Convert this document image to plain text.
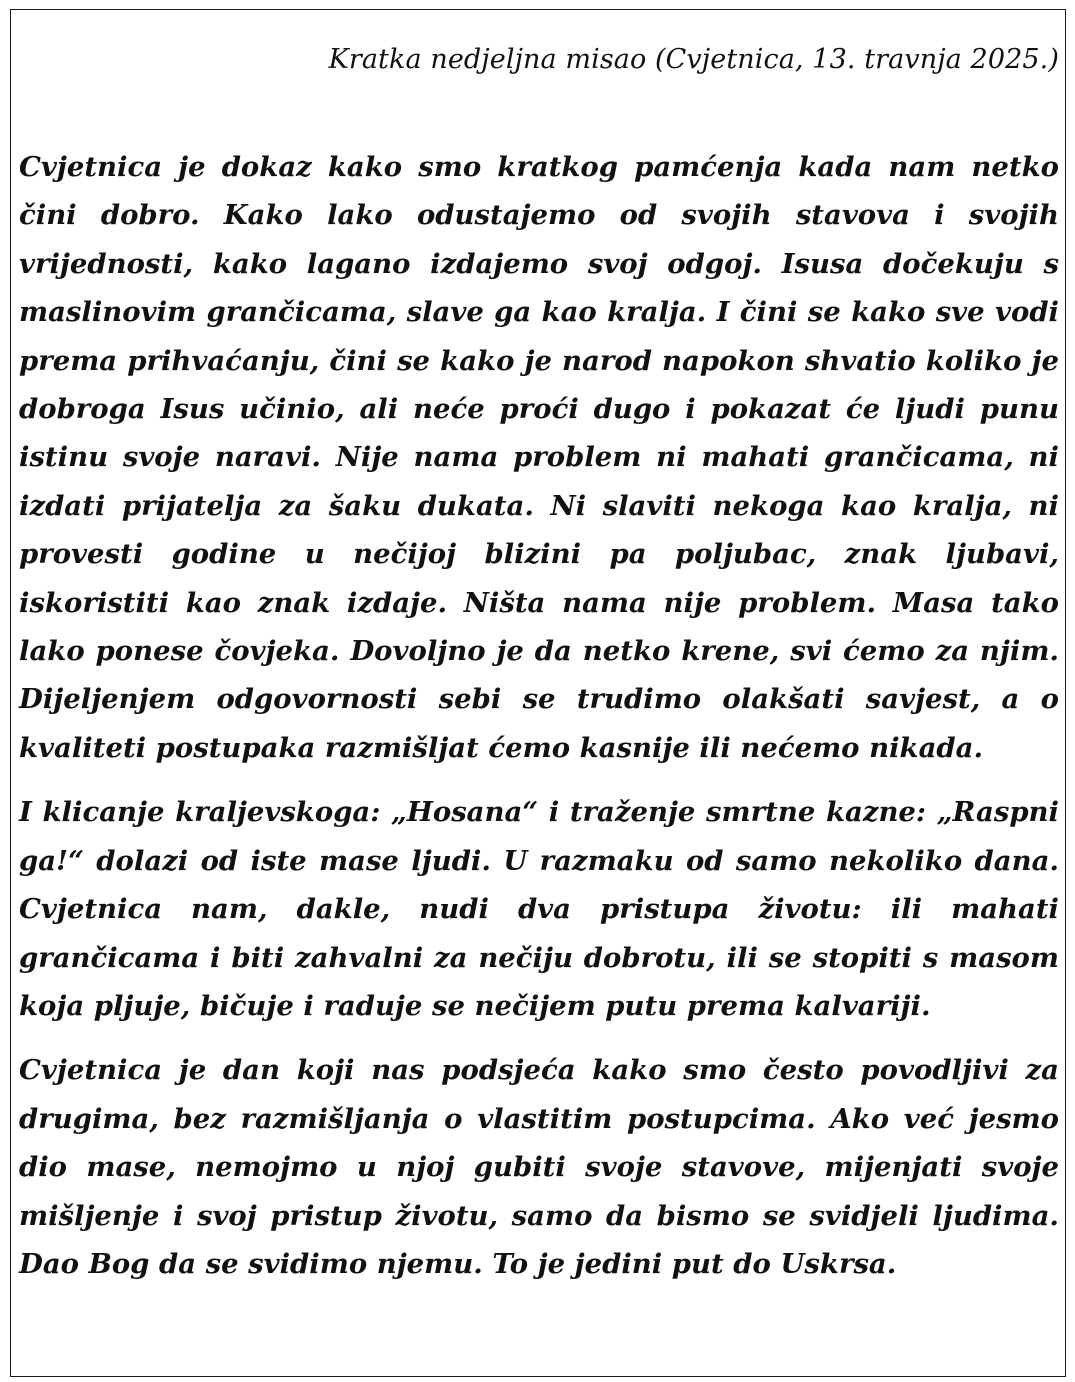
Kratka nedjeljna misao (Cvjetnica, 13. travnja 2025.)

Cvjetnica je dokaz kako smo kratkog pamćenja kada nam netko čini dobro. Kako lako odustajemo od svojih stavova i svojih vrijednosti, kako lagano izdajemo svoj odgoj. Isusa dočekuju s maslinovim grančicama, slave ga kao kralja. I čini se kako sve vodi prema prihvaćanju, čini se kako je narod napokon shvatio koliko je dobroga Isus učinio, ali neće proći dugo i pokazat će ljudi punu istinu svoje naravi. Nije nama problem ni mahati grančicama, ni izdati prijatelja za šaku dukata. Ni slaviti nekoga kao kralja, ni provesti godine u nečijoj blizini pa poljubac, znak ljubavi, iskoristiti kao znak izdaje. Ništa nama nije problem. Masa tako lako ponese čovjeka. Dovoljno je da netko krene, svi ćemo za njim. Dijeljenjem odgovornosti sebi se trudimo olakšati savjest, a o kvaliteti postupaka razmišljat ćemo kasnije ili nećemo nikada.

I klicanje kraljevskoga: „Hosana“ i traženje smrtne kazne: „Raspni ga!“ dolazi od iste mase ljudi. U razmaku od samo nekoliko dana. Cvjetnica nam, dakle, nudi dva pristupa životu: ili mahati grančicama i biti zahvalni za nečiju dobrotu, ili se stopiti s masom koja pljuje, bičuje i raduje se nečijem putu prema kalvariji.

Cvjetnica je dan koji nas podsjeća kako smo često povodljivi za drugima, bez razmišljanja o vlastitim postupcima. Ako već jesmo dio mase, nemojmo u njoj gubiti svoje stavove, mijenjati svoje mišljenje i svoj pristup životu, samo da bismo se svidjeli ljudima. Dao Bog da se svidimo njemu. To je jedini put do Uskrsa.
